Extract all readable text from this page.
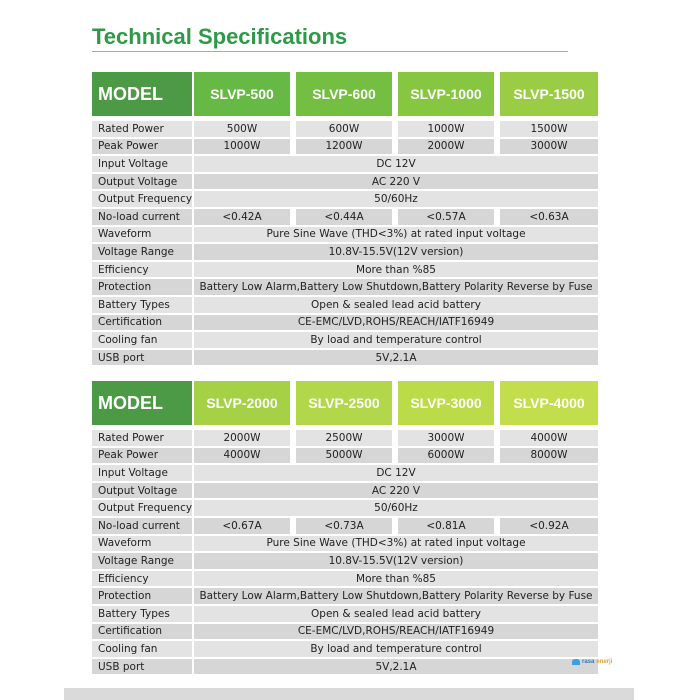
Technical Specifications
MODEL	SLVP-500	SLVP-600	SLVP-1000	SLVP-1500
Rated Power	500W	600W	1000W	1500W
Peak Power	1000W	1200W	2000W	3000W
Input Voltage	DC 12V
Output Voltage	AC 220 V
Output Frequency	50/60Hz
No-load current	<0.42A	<0.44A	<0.57A	<0.63A
Waveform	Pure Sine Wave (THD<3%) at rated input voltage
Voltage Range	10.8V-15.5V(12V version)
Efficiency	More than %85
Protection	Battery Low Alarm,Battery Low Shutdown,Battery Polarity Reverse by Fuse
Battery Types	Open & sealed lead acid battery
Certification	CE-EMC/LVD,ROHS/REACH/IATF16949
Cooling fan	By load and temperature control
USB port	5V,2.1A
MODEL	SLVP-2000	SLVP-2500	SLVP-3000	SLVP-4000
Rated Power	2000W	2500W	3000W	4000W
Peak Power	4000W	5000W	6000W	8000W
Input Voltage	DC 12V
Output Voltage	AC 220 V
Output Frequency	50/60Hz
No-load current	<0.67A	<0.73A	<0.81A	<0.92A
Waveform	Pure Sine Wave (THD<3%) at rated input voltage
Voltage Range	10.8V-15.5V(12V version)
Efficiency	More than %85
Protection	Battery Low Alarm,Battery Low Shutdown,Battery Polarity Reverse by Fuse
Battery Types	Open & sealed lead acid battery
Certification	CE-EMC/LVD,ROHS/REACH/IATF16949
Cooling fan	By load and temperature control
USB port	5V,2.1A	rasa enerji
